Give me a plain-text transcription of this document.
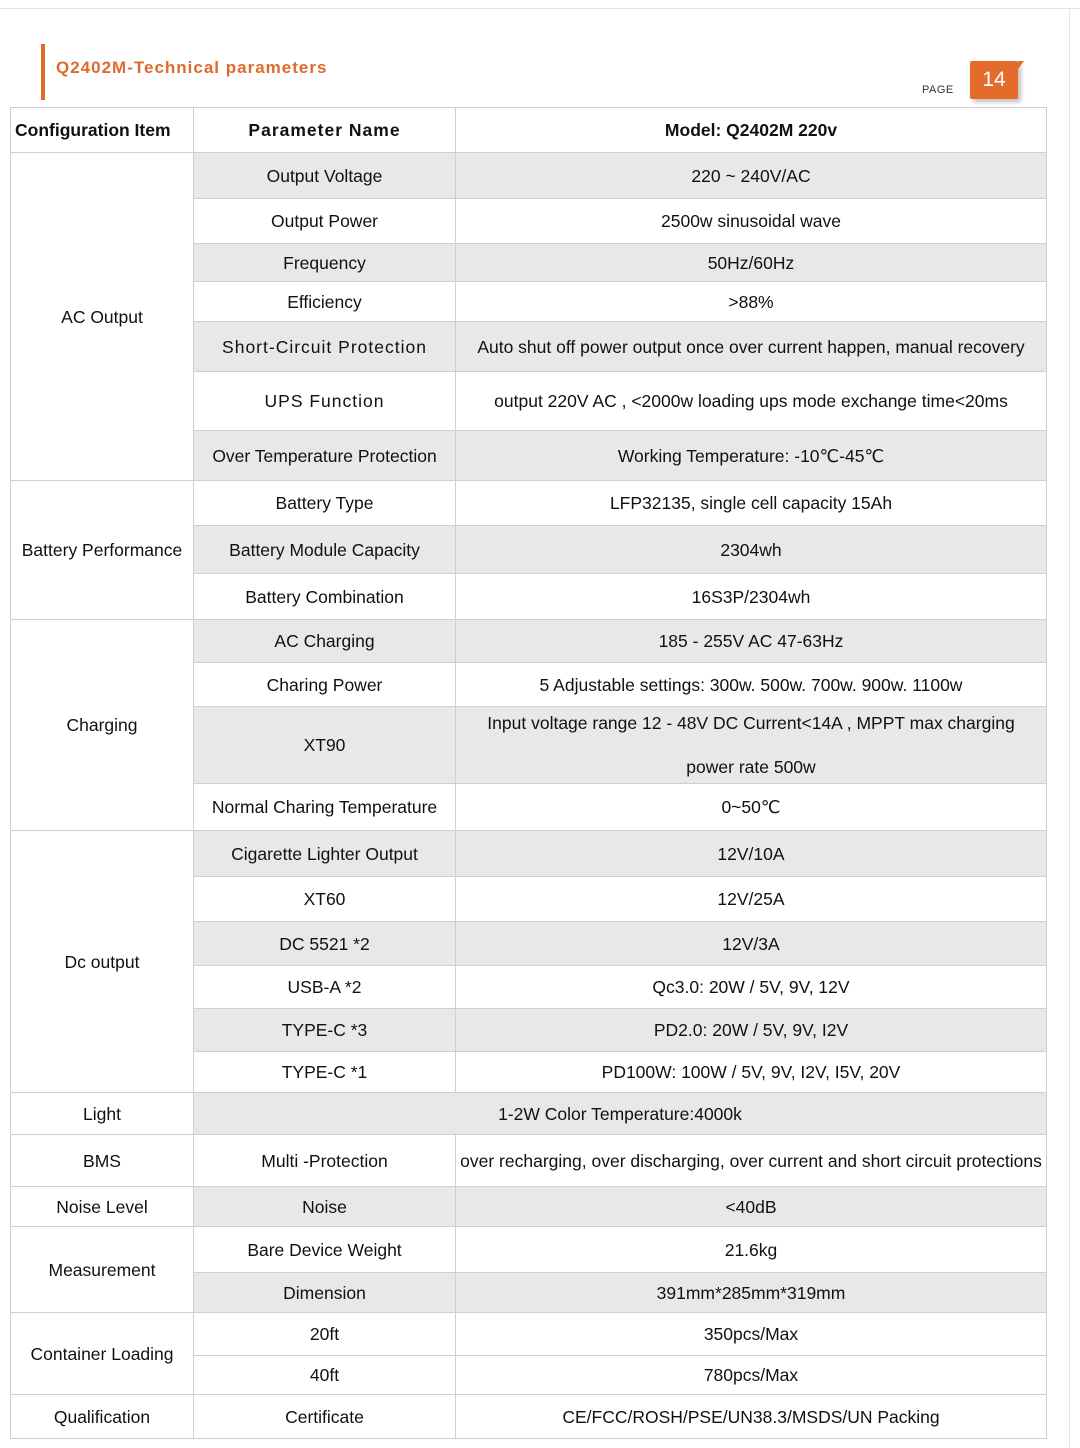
Q2402M-Technical parameters
PAGE	14
Configuration Item	Parameter Name	Model: Q2402M 220v
AC Output	Output Voltage	220 ~ 240V/AC
	Output Power	2500w sinusoidal wave
	Frequency	50Hz/60Hz
	Efficiency	>88%
	Short-Circuit Protection	Auto shut off power output once over current happen, manual recovery
	UPS Function	output 220V AC , <2000w loading ups mode exchange time<20ms
	Over Temperature Protection	Working Temperature: -10℃-45℃
Battery Performance	Battery Type	LFP32135, single cell capacity 15Ah
	Battery Module Capacity	2304wh
	Battery Combination	16S3P/2304wh
Charging	AC Charging	185 - 255V AC 47-63Hz
	Charing Power	5 Adjustable settings: 300w. 500w. 700w. 900w. 1100w
	XT90	Input voltage range 12 - 48V DC Current<14A , MPPT max charging
power rate 500w

	Normal Charing Temperature	0~50℃
Dc output	Cigarette Lighter Output	12V/10A
	XT60	12V/25A
	DC 5521 *2	12V/3A
	USB-A *2	Qc3.0: 20W / 5V, 9V, 12V
	TYPE-C *3	PD2.0: 20W / 5V, 9V, I2V
	TYPE-C *1	PD100W: 100W / 5V, 9V, I2V, I5V, 20V
Light	1-2W Color Temperature:4000k	
BMS	Multi -Protection	over recharging, over discharging, over current and short circuit protections
Noise Level	Noise	<40dB
Measurement	Bare Device Weight	21.6kg
	Dimension	391mm*285mm*319mm
Container Loading	20ft	350pcs/Max
	40ft	780pcs/Max
Qualification	Certificate	CE/FCC/ROSH/PSE/UN38.3/MSDS/UN Packing
